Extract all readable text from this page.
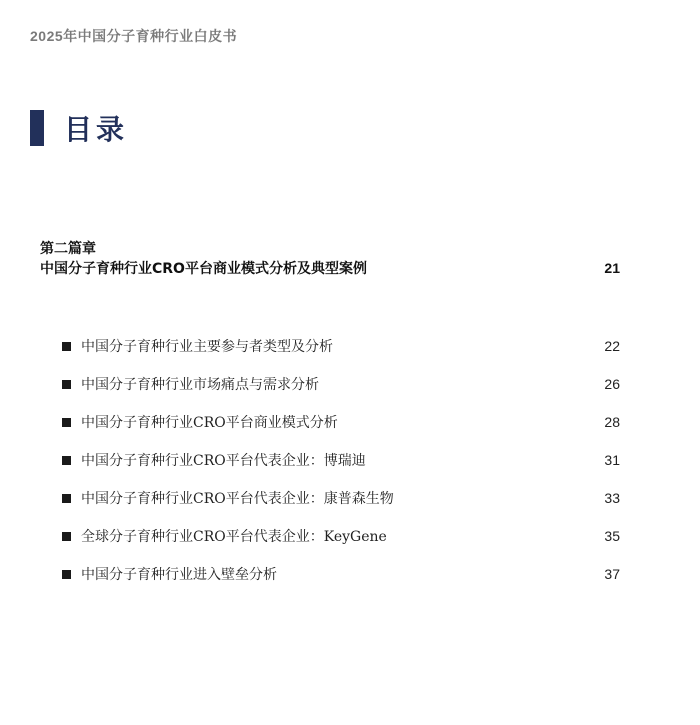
2025年中国分子育种行业白皮书
目录
第二篇章
中国分子育种行业CRO平台商业模式分析及典型案例	21
中国分子育种行业主要参与者类型及分析	22
中国分子育种行业市场痛点与需求分析	26
中国分子育种行业CRO平台商业模式分析	28
中国分子育种行业CRO平台代表企业：博瑞迪	31
中国分子育种行业CRO平台代表企业：康普森生物	33
全球分子育种行业CRO平台代表企业：KeyGene	35
中国分子育种行业进入壁垒分析	37
